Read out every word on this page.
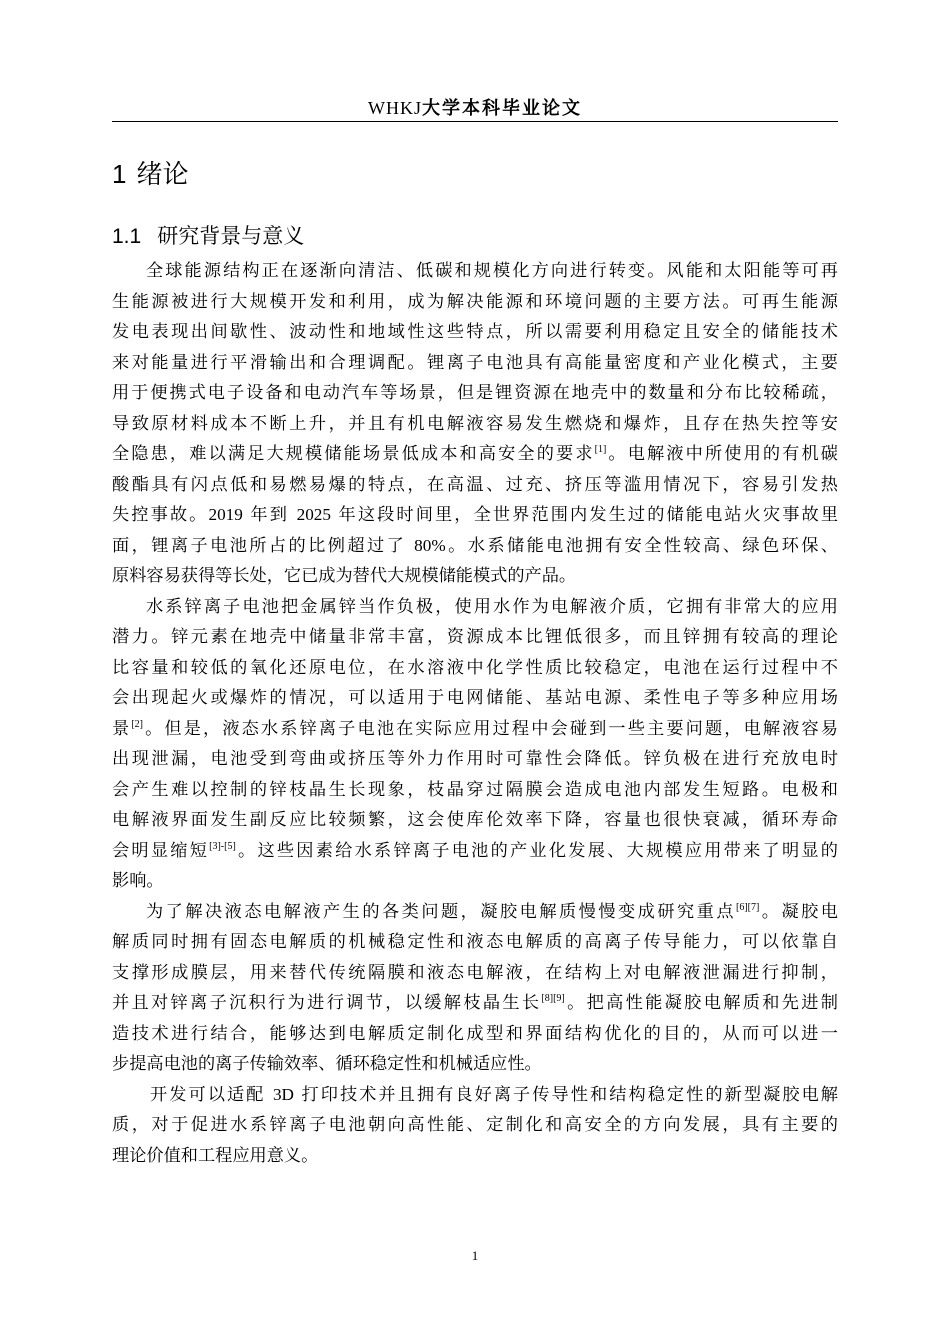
WHKJ大学本科毕业论文
1 绪论
1.1 研究背景与意义
全球能源结构正在逐渐向清洁、低碳和规模化方向进行转变。风能和太阳能等可再
生能源被进行大规模开发和利用，成为解决能源和环境问题的主要方法。可再生能源
发电表现出间歇性、波动性和地域性这些特点，所以需要利用稳定且安全的储能技术
来对能量进行平滑输出和合理调配。锂离子电池具有高能量密度和产业化模式，主要
用于便携式电子设备和电动汽车等场景，但是锂资源在地壳中的数量和分布比较稀疏，
导致原材料成本不断上升，并且有机电解液容易发生燃烧和爆炸，且存在热失控等安
全隐患，难以满足大规模储能场景低成本和高安全的要求[1]。电解液中所使用的有机碳
酸酯具有闪点低和易燃易爆的特点，在高温、过充、挤压等滥用情况下，容易引发热
失控事故。2019 年到 2025 年这段时间里，全世界范围内发生过的储能电站火灾事故里
面，锂离子电池所占的比例超过了 80%。水系储能电池拥有安全性较高、绿色环保、
原料容易获得等长处，它已成为替代大规模储能模式的产品。
水系锌离子电池把金属锌当作负极，使用水作为电解液介质，它拥有非常大的应用
潜力。锌元素在地壳中储量非常丰富，资源成本比锂低很多，而且锌拥有较高的理论
比容量和较低的氧化还原电位，在水溶液中化学性质比较稳定，电池在运行过程中不
会出现起火或爆炸的情况，可以适用于电网储能、基站电源、柔性电子等多种应用场
景[2]。但是，液态水系锌离子电池在实际应用过程中会碰到一些主要问题，电解液容易
出现泄漏，电池受到弯曲或挤压等外力作用时可靠性会降低。锌负极在进行充放电时
会产生难以控制的锌枝晶生长现象，枝晶穿过隔膜会造成电池内部发生短路。电极和
电解液界面发生副反应比较频繁，这会使库伦效率下降，容量也很快衰减，循环寿命
会明显缩短[3]-[5]。这些因素给水系锌离子电池的产业化发展、大规模应用带来了明显的
影响。
为了解决液态电解液产生的各类问题，凝胶电解质慢慢变成研究重点[6][7]。凝胶电
解质同时拥有固态电解质的机械稳定性和液态电解质的高离子传导能力，可以依靠自
支撑形成膜层，用来替代传统隔膜和液态电解液，在结构上对电解液泄漏进行抑制，
并且对锌离子沉积行为进行调节，以缓解枝晶生长[8][9]。把高性能凝胶电解质和先进制
造技术进行结合，能够达到电解质定制化成型和界面结构优化的目的，从而可以进一
步提高电池的离子传输效率、循环稳定性和机械适应性。
开发可以适配 3D 打印技术并且拥有良好离子传导性和结构稳定性的新型凝胶电解
质，对于促进水系锌离子电池朝向高性能、定制化和高安全的方向发展，具有主要的
理论价值和工程应用意义。
1
